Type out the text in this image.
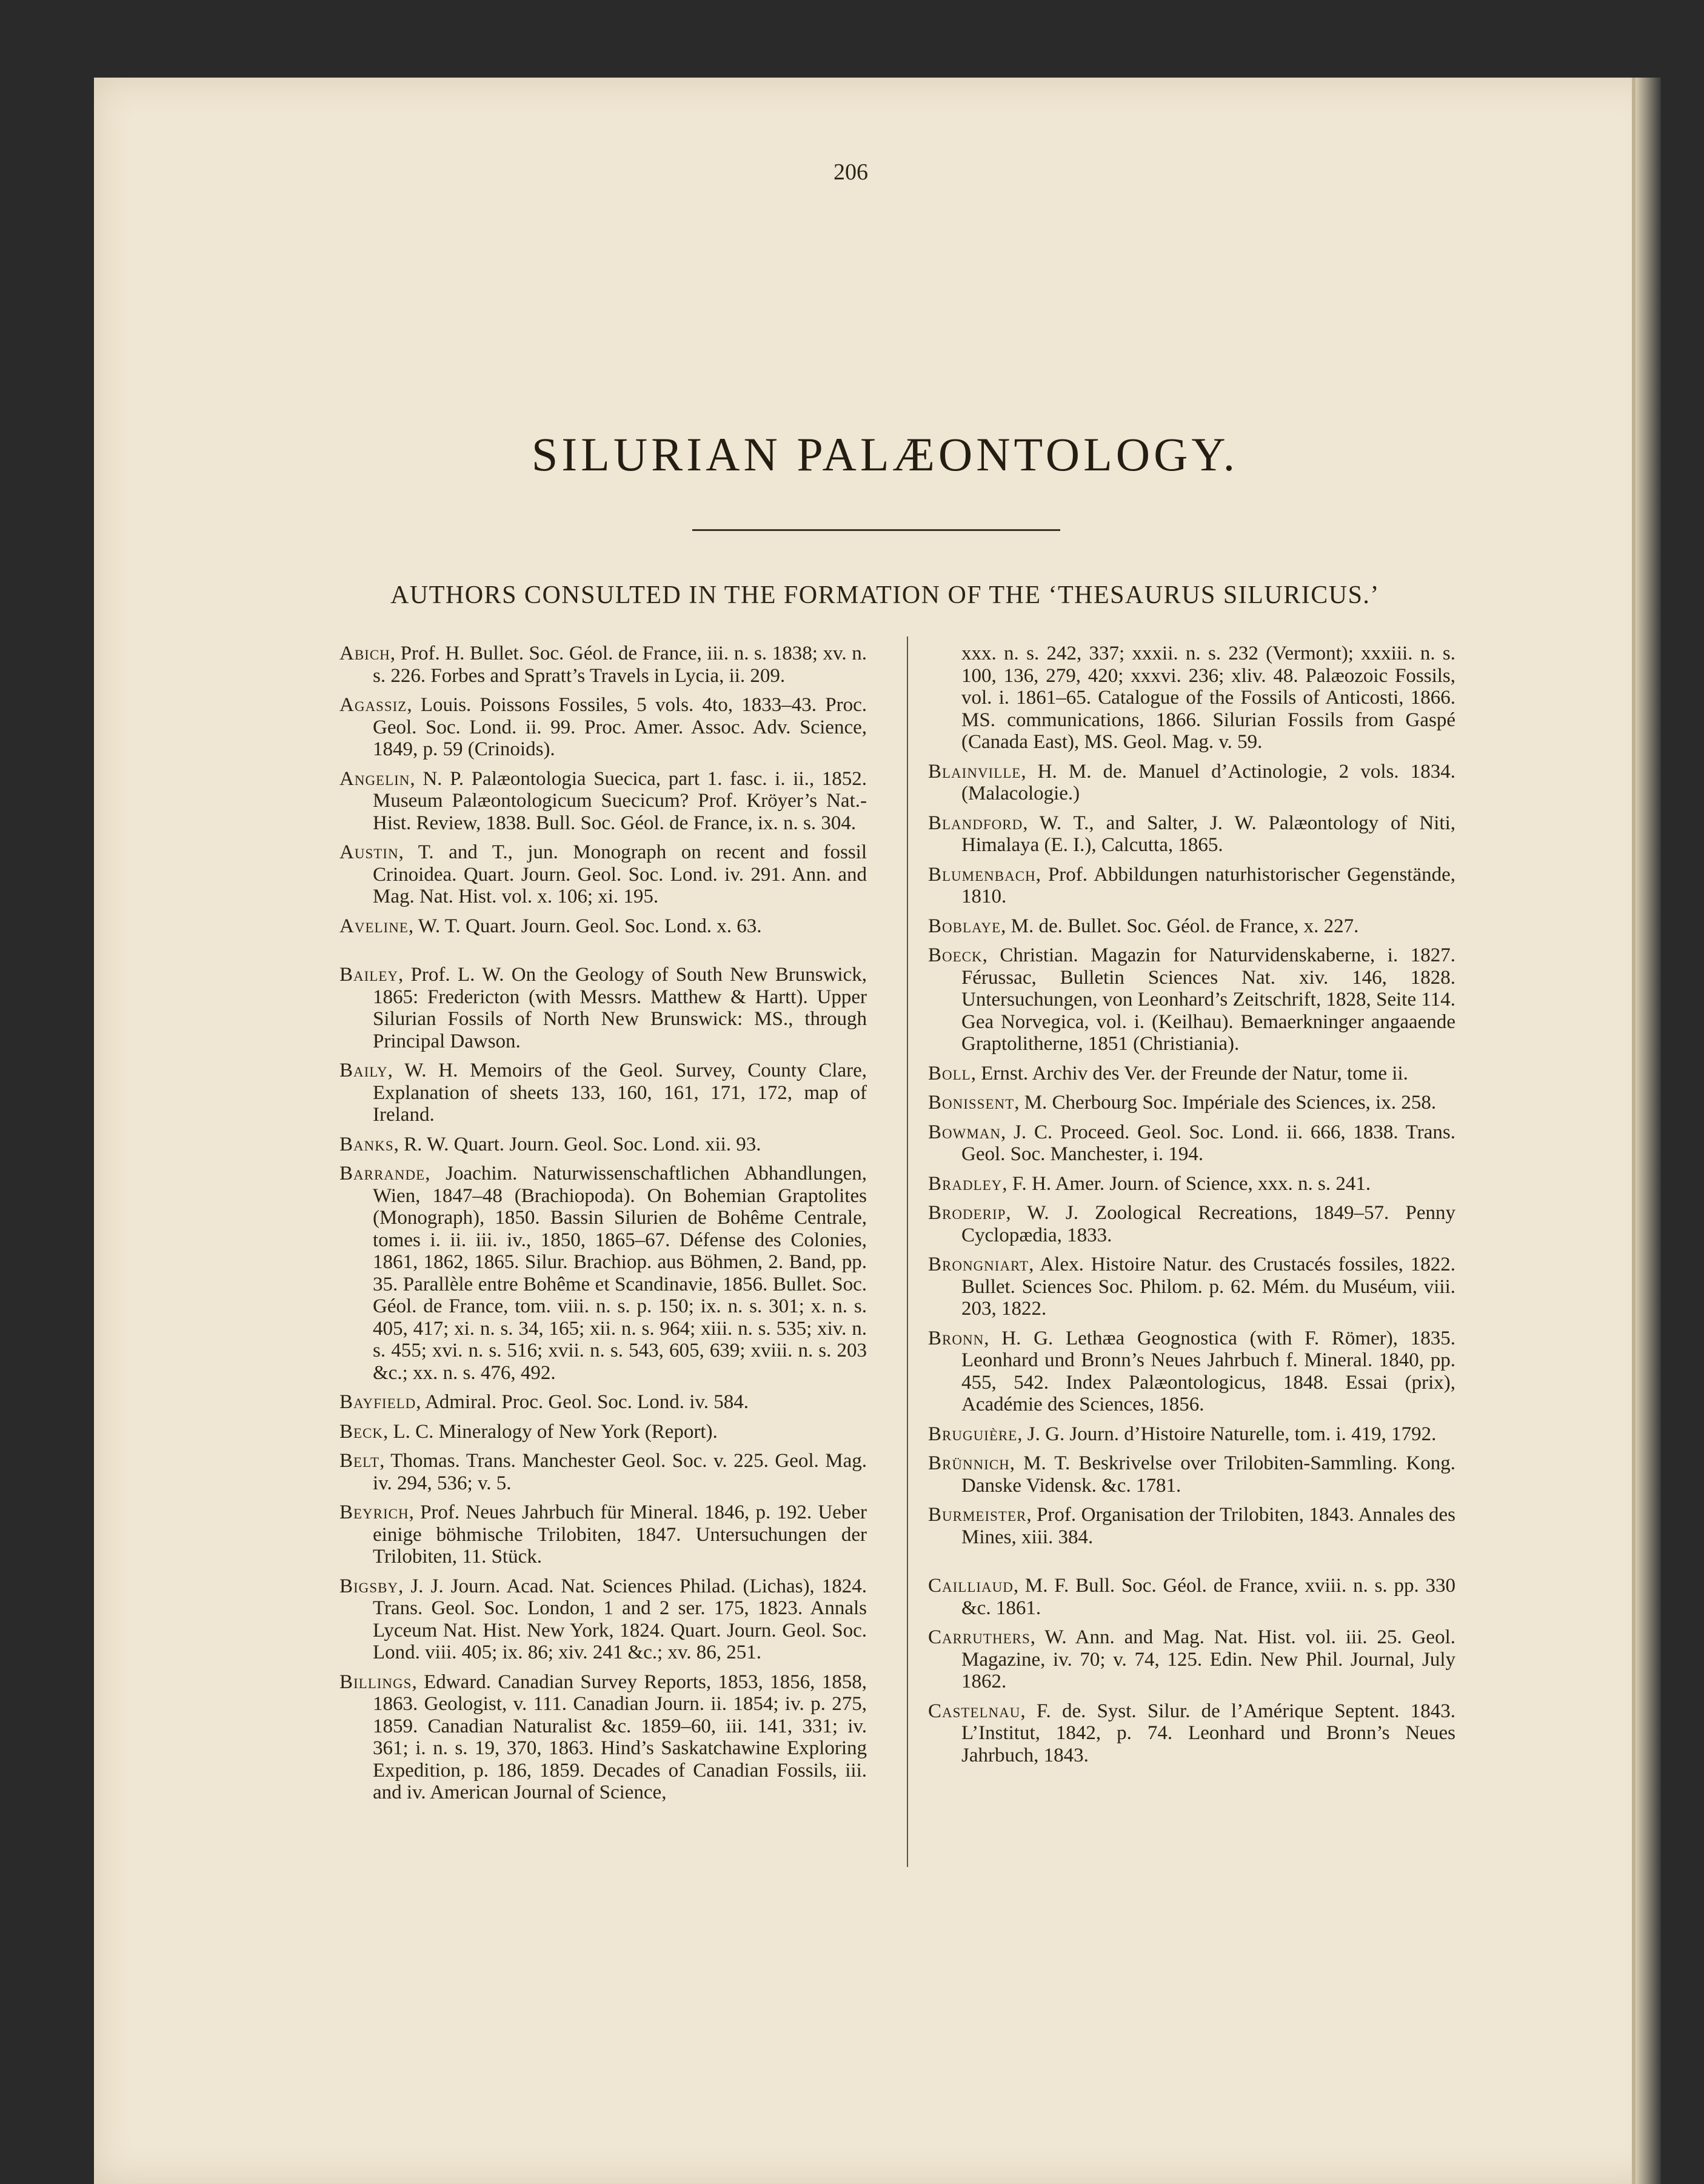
206
SILURIAN PALÆONTOLOGY.
AUTHORS CONSULTED IN THE FORMATION OF THE ‘THESAURUS SILURICUS.’

Abich, Prof. H. Bullet. Soc. Géol. de France, iii. n. s. 1838; xv. n. s. 226. Forbes and Spratt’s Travels in Lycia, ii. 209.

Agassiz, Louis. Poissons Fossiles, 5 vols. 4to, 1833–43. Proc. Geol. Soc. Lond. ii. 99. Proc. Amer. Assoc. Adv. Science, 1849, p. 59 (Crinoids).

Angelin, N. P. Palæontologia Suecica, part 1. fasc. i. ii., 1852. Museum Palæontologicum Suecicum? Prof. Kröyer’s Nat.-Hist. Review, 1838. Bull. Soc. Géol. de France, ix. n. s. 304.

Austin, T. and T., jun. Monograph on recent and fossil Crinoidea. Quart. Journ. Geol. Soc. Lond. iv. 291. Ann. and Mag. Nat. Hist. vol. x. 106; xi. 195.

Aveline, W. T. Quart. Journ. Geol. Soc. Lond. x. 63.

Bailey, Prof. L. W. On the Geology of South New Brunswick, 1865: Fredericton (with Messrs. Matthew & Hartt). Upper Silurian Fossils of North New Brunswick: MS., through Principal Dawson.

Baily, W. H. Memoirs of the Geol. Survey, County Clare, Explanation of sheets 133, 160, 161, 171, 172, map of Ireland.

Banks, R. W. Quart. Journ. Geol. Soc. Lond. xii. 93.

Barrande, Joachim. Naturwissenschaftlichen Abhandlungen, Wien, 1847–48 (Brachiopoda). On Bohemian Graptolites (Monograph), 1850. Bassin Silurien de Bohême Centrale, tomes i. ii. iii. iv., 1850, 1865–67. Défense des Colonies, 1861, 1862, 1865. Silur. Brachiop. aus Böhmen, 2. Band, pp. 35. Parallèle entre Bohême et Scandinavie, 1856. Bullet. Soc. Géol. de France, tom. viii. n. s. p. 150; ix. n. s. 301; x. n. s. 405, 417; xi. n. s. 34, 165; xii. n. s. 964; xiii. n. s. 535; xiv. n. s. 455; xvi. n. s. 516; xvii. n. s. 543, 605, 639; xviii. n. s. 203 &c.; xx. n. s. 476, 492.

Bayfield, Admiral. Proc. Geol. Soc. Lond. iv. 584.

Beck, L. C. Mineralogy of New York (Report).

Belt, Thomas. Trans. Manchester Geol. Soc. v. 225. Geol. Mag. iv. 294, 536; v. 5.

Beyrich, Prof. Neues Jahrbuch für Mineral. 1846, p. 192. Ueber einige böhmische Trilobiten, 1847. Untersuchungen der Trilobiten, 11. Stück.

Bigsby, J. J. Journ. Acad. Nat. Sciences Philad. (Lichas), 1824. Trans. Geol. Soc. London, 1 and 2 ser. 175, 1823. Annals Lyceum Nat. Hist. New York, 1824. Quart. Journ. Geol. Soc. Lond. viii. 405; ix. 86; xiv. 241 &c.; xv. 86, 251.

Billings, Edward. Canadian Survey Reports, 1853, 1856, 1858, 1863. Geologist, v. 111. Canadian Journ. ii. 1854; iv. p. 275, 1859. Canadian Naturalist &c. 1859–60, iii. 141, 331; iv. 361; i. n. s. 19, 370, 1863. Hind’s Saskatchawine Exploring Expedition, p. 186, 1859. Decades of Canadian Fossils, iii. and iv. American Journal of Science,

xxx. n. s. 242, 337; xxxii. n. s. 232 (Vermont); xxxiii. n. s. 100, 136, 279, 420; xxxvi. 236; xliv. 48. Palæozoic Fossils, vol. i. 1861–65. Catalogue of the Fossils of Anticosti, 1866. MS. communications, 1866. Silurian Fossils from Gaspé (Canada East), MS. Geol. Mag. v. 59.

Blainville, H. M. de. Manuel d’Actinologie, 2 vols. 1834. (Malacologie.)

Blandford, W. T., and Salter, J. W. Palæontology of Niti, Himalaya (E. I.), Calcutta, 1865.

Blumenbach, Prof. Abbildungen naturhistorischer Gegenstände, 1810.

Boblaye, M. de. Bullet. Soc. Géol. de France, x. 227.

Boeck, Christian. Magazin for Naturvidenskaberne, i. 1827. Férussac, Bulletin Sciences Nat. xiv. 146, 1828. Untersuchungen, von Leonhard’s Zeitschrift, 1828, Seite 114. Gea Norvegica, vol. i. (Keilhau). Bemaerkninger angaaende Graptolitherne, 1851 (Christiania).

Boll, Ernst. Archiv des Ver. der Freunde der Natur, tome ii.

Bonissent, M. Cherbourg Soc. Impériale des Sciences, ix. 258.

Bowman, J. C. Proceed. Geol. Soc. Lond. ii. 666, 1838. Trans. Geol. Soc. Manchester, i. 194.

Bradley, F. H. Amer. Journ. of Science, xxx. n. s. 241.

Broderip, W. J. Zoological Recreations, 1849–57. Penny Cyclopædia, 1833.

Brongniart, Alex. Histoire Natur. des Crustacés fossiles, 1822. Bullet. Sciences Soc. Philom. p. 62. Mém. du Muséum, viii. 203, 1822.

Bronn, H. G. Lethæa Geognostica (with F. Römer), 1835. Leonhard und Bronn’s Neues Jahrbuch f. Mineral. 1840, pp. 455, 542. Index Palæontologicus, 1848. Essai (prix), Académie des Sciences, 1856.

Bruguière, J. G. Journ. d’Histoire Naturelle, tom. i. 419, 1792.

Brünnich, M. T. Beskrivelse over Trilobiten-Sammling. Kong. Danske Vidensk. &c. 1781.

Burmeister, Prof. Organisation der Trilobiten, 1843. Annales des Mines, xiii. 384.

Cailliaud, M. F. Bull. Soc. Géol. de France, xviii. n. s. pp. 330 &c. 1861.

Carruthers, W. Ann. and Mag. Nat. Hist. vol. iii. 25. Geol. Magazine, iv. 70; v. 74, 125. Edin. New Phil. Journal, July 1862.

Castelnau, F. de. Syst. Silur. de l’Amérique Septent. 1843. L’Institut, 1842, p. 74. Leonhard und Bronn’s Neues Jahrbuch, 1843.
